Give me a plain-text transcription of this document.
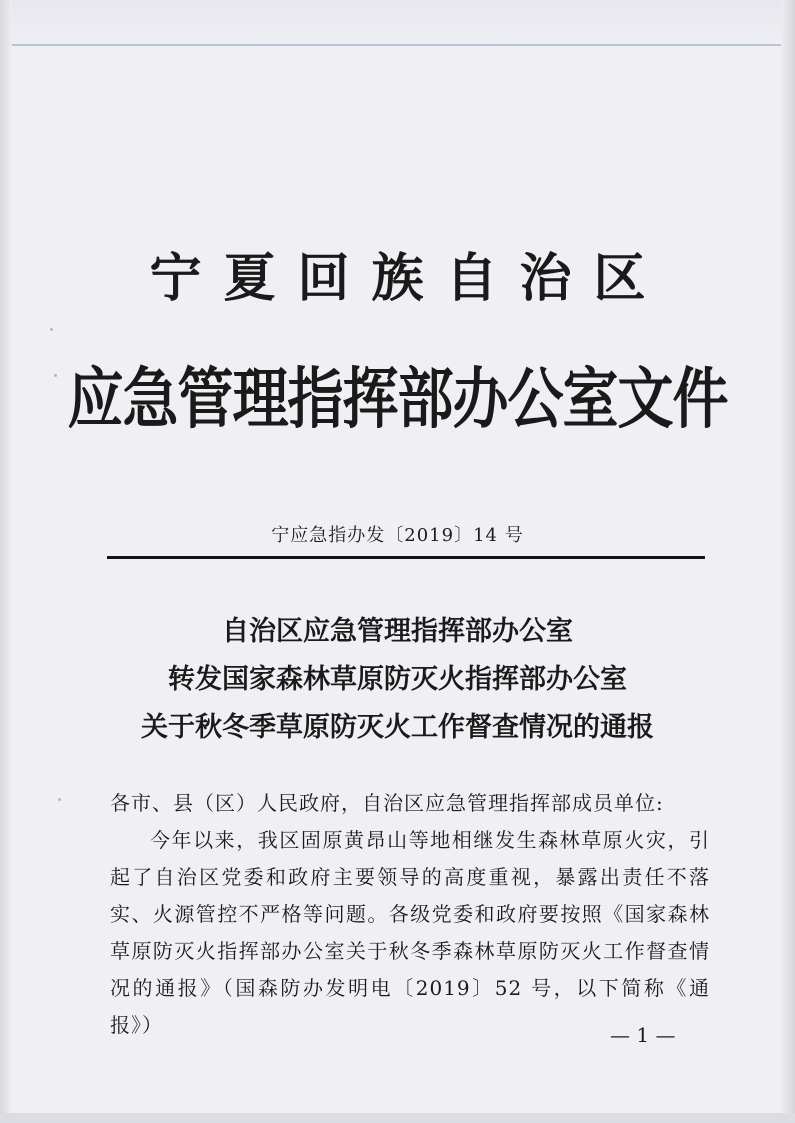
宁夏回族自治区
应急管理指挥部办公室文件
宁应急指办发〔2019〕14 号
自治区应急管理指挥部办公室
转发国家森林草原防灭火指挥部办公室
关于秋冬季草原防灭火工作督查情况的通报
各市、县（区）人民政府，自治区应急管理指挥部成员单位:
今年以来，我区固原黄昂山等地相继发生森林草原火灾，引起了自治区党委和政府主要领导的高度重视，暴露出责任不落实、火源管控不严格等问题。各级党委和政府要按照《国家森林草原防灭火指挥部办公室关于秋冬季森林草原防灭火工作督查情况的通报》（国森防办发明电〔2019〕52 号，以下简称《通报》）	— 1 —
